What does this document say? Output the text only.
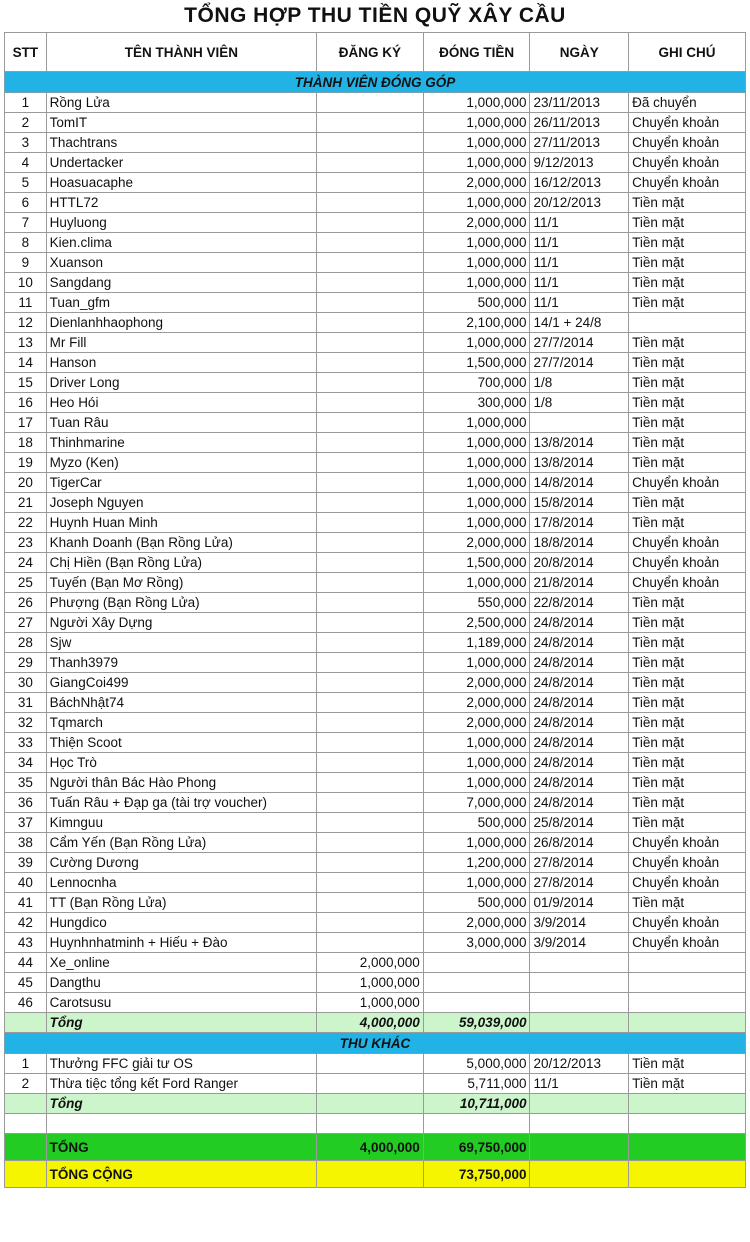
TỔNG HỢP THU TIỀN QUỸ XÂY CẦU
STT	TÊN THÀNH VIÊN	ĐĂNG KÝ	ĐÓNG TIỀN	NGÀY	GHI CHÚ
THÀNH VIÊN ĐÓNG GÓP					
1	Rồng Lửa		1,000,000	23/11/2013	Đã chuyển
2	TomIT		1,000,000	26/11/2013	Chuyển khoản
3	Thachtrans		1,000,000	27/11/2013	Chuyển khoản
4	Undertacker		1,000,000	9/12/2013	Chuyển khoản
5	Hoasuacaphe		2,000,000	16/12/2013	Chuyển khoản
6	HTTL72		1,000,000	20/12/2013	Tiền mặt
7	Huyluong		2,000,000	11/1	Tiền mặt
8	Kien.clima		1,000,000	11/1	Tiền mặt
9	Xuanson		1,000,000	11/1	Tiền mặt
10	Sangdang		1,000,000	11/1	Tiền mặt
11	Tuan_gfm		500,000	11/1	Tiền mặt
12	Dienlanhhaophong		2,100,000	14/1 + 24/8	
13	Mr Fill		1,000,000	27/7/2014	Tiền mặt
14	Hanson		1,500,000	27/7/2014	Tiền mặt
15	Driver Long		700,000	1/8	Tiền mặt
16	Heo Hói		300,000	1/8	Tiền mặt
17	Tuan Râu		1,000,000		Tiền mặt
18	Thinhmarine		1,000,000	13/8/2014	Tiền mặt
19	Myzo (Ken)		1,000,000	13/8/2014	Tiền mặt
20	TigerCar		1,000,000	14/8/2014	Chuyển khoản
21	Joseph Nguyen		1,000,000	15/8/2014	Tiền mặt
22	Huynh Huan Minh		1,000,000	17/8/2014	Tiền mặt
23	Khanh Doanh (Bạn Rồng Lửa)		2,000,000	18/8/2014	Chuyển khoản
24	Chị Hiền (Bạn Rồng Lửa)		1,500,000	20/8/2014	Chuyển khoản
25	Tuyến (Bạn Mơ Rồng)		1,000,000	21/8/2014	Chuyển khoản
26	Phượng (Bạn Rồng Lửa)		550,000	22/8/2014	Tiền mặt
27	Người Xây Dựng		2,500,000	24/8/2014	Tiền mặt
28	Sjw		1,189,000	24/8/2014	Tiền mặt
29	Thanh3979		1,000,000	24/8/2014	Tiền mặt
30	GiangCoi499		2,000,000	24/8/2014	Tiền mặt
31	BáchNhật74		2,000,000	24/8/2014	Tiền mặt
32	Tqmarch		2,000,000	24/8/2014	Tiền mặt
33	Thiện Scoot		1,000,000	24/8/2014	Tiền mặt
34	Học Trò		1,000,000	24/8/2014	Tiền mặt
35	Người thân Bác Hào Phong		1,000,000	24/8/2014	Tiền mặt
36	Tuấn Râu + Đạp ga (tài trợ voucher)		7,000,000	24/8/2014	Tiền mặt
37	Kimnguu		500,000	25/8/2014	Tiền mặt
38	Cẩm Yến (Bạn Rồng Lửa)		1,000,000	26/8/2014	Chuyển khoản
39	Cường Dương		1,200,000	27/8/2014	Chuyển khoản
40	Lennocnha		1,000,000	27/8/2014	Chuyển khoản
41	TT (Bạn Rồng Lửa)		500,000	01/9/2014	Tiền mặt
42	Hungdico		2,000,000	3/9/2014	Chuyển khoản
43	Huynhnhatminh + Hiếu + Đào		3,000,000	3/9/2014	Chuyển khoản
44	Xe_online	2,000,000			
45	Dangthu	1,000,000			
46	Carotsusu	1,000,000			
	Tổng	4,000,000	59,039,000		
THU KHÁC					
1	Thưởng FFC giải tư OS		5,000,000	20/12/2013	Tiền mặt
2	Thừa tiệc tổng kết Ford Ranger		5,711,000	11/1	Tiền mặt
	Tổng		10,711,000		

	TỔNG	4,000,000	69,750,000		
	TỔNG CỘNG		73,750,000		
